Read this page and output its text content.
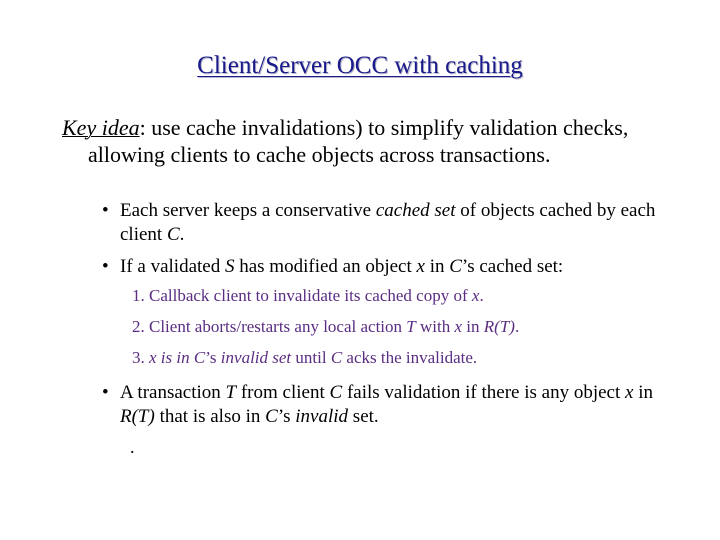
Client/Server OCC with caching
Key idea: use cache invalidations) to simplify validation checks, allowing clients to cache objects across transactions.
• Each server keeps a conservative cached set of objects cached by each client C.
• If a validated S has modified an object x in C’s cached set:
1. Callback client to invalidate its cached copy of x.
2. Client aborts/restarts any local action T with x in R(T).
3. x is in C’s invalid set until C acks the invalidate.
• A transaction T from client C fails validation if there is any object x in R(T) that is also in C’s invalid set.
.
